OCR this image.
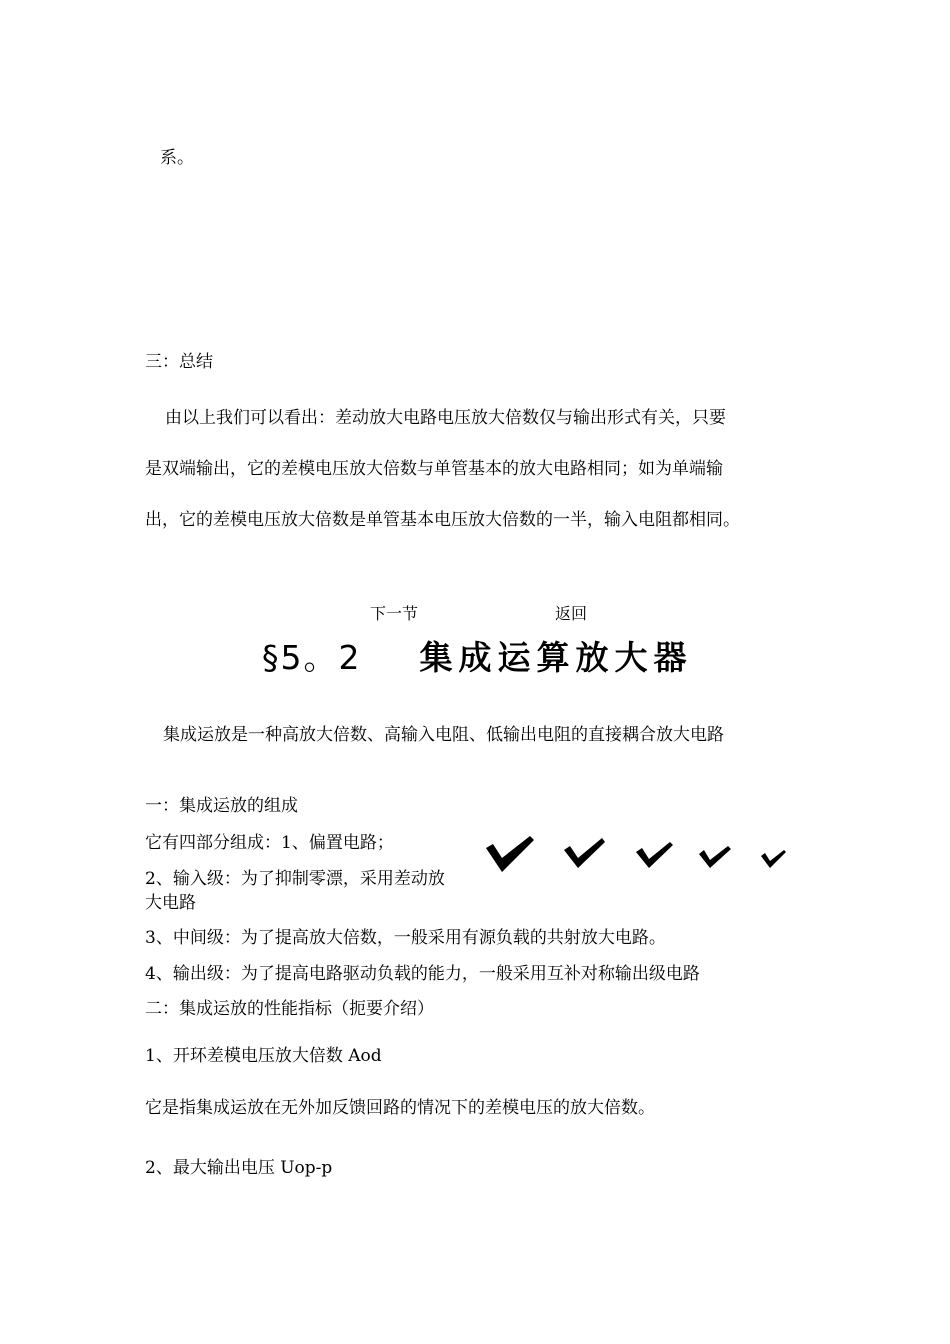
系。
三：总结
由以上我们可以看出：差动放大电路电压放大倍数仅与输出形式有关，只要
是双端输出，它的差模电压放大倍数与单管基本的放大电路相同；如为单端输
出，它的差模电压放大倍数是单管基本电压放大倍数的一半，输入电阻都相同。
下一节	返回
§5。2 集成运算放大器
集成运放是一种高放大倍数、高输入电阻、低输出电阻的直接耦合放大电路
一：集成运放的组成
它有四部分组成：1、偏置电路；
2、输入级：为了抑制零漂，采用差动放
大电路
3、中间级：为了提高放大倍数，一般采用有源负载的共射放大电路。
4、输出级：为了提高电路驱动负载的能力，一般采用互补对称输出级电路
二：集成运放的性能指标（扼要介绍）
1、开环差模电压放大倍数 Aod
它是指集成运放在无外加反馈回路的情况下的差模电压的放大倍数。
2、最大输出电压 Uop-p
